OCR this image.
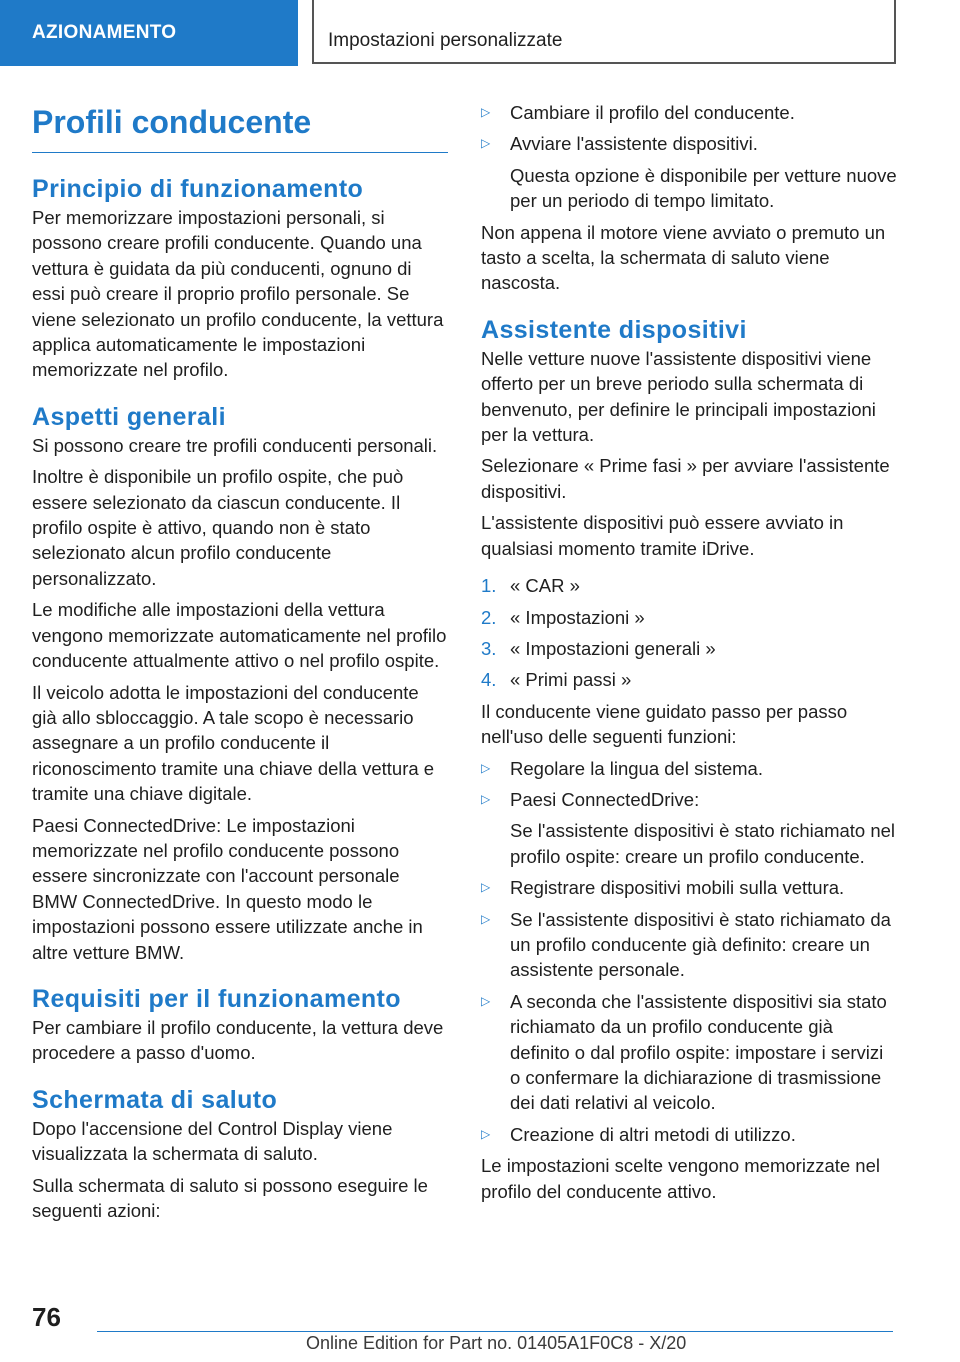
AZIONAMENTO	Impostazioni personalizzate
Profili conducente
Principio di funzionamento

Per memorizzare impostazioni personali, si possono creare profili conducente. Quando una vettura è guidata da più conducenti, ognuno di essi può creare il proprio profilo personale. Se viene selezionato un profilo conducente, la vettura applica automaticamente le impostazioni memorizzate nel profilo.

Aspetti generali

Si possono creare tre profili conducenti personali.

Inoltre è disponibile un profilo ospite, che può essere selezionato da ciascun conducente. Il profilo ospite è attivo, quando non è stato selezionato alcun profilo conducente personalizzato.

Le modifiche alle impostazioni della vettura vengono memorizzate automaticamente nel profilo conducente attualmente attivo o nel profilo ospite.

Il veicolo adotta le impostazioni del conducente già allo sbloccaggio. A tale scopo è necessario assegnare a un profilo conducente il riconoscimento tramite una chiave della vettura e tramite una chiave digitale.

Paesi ConnectedDrive: Le impostazioni memorizzate nel profilo conducente possono essere sincronizzate con l'account personale BMW ConnectedDrive. In questo modo le impostazioni possono essere utilizzate anche in altre vetture BMW.

Requisiti per il funzionamento

Per cambiare il profilo conducente, la vettura deve procedere a passo d'uomo.

Schermata di saluto

Dopo l'accensione del Control Display viene visualizzata la schermata di saluto.

Sulla schermata di saluto si possono eseguire le seguenti azioni:

▷ Cambiare il profilo del conducente.
▷ Avviare l'assistente dispositivi.
Questa opzione è disponibile per vetture nuove per un periodo di tempo limitato.

Non appena il motore viene avviato o premuto un tasto a scelta, la schermata di saluto viene nascosta.

Assistente dispositivi

Nelle vetture nuove l'assistente dispositivi viene offerto per un breve periodo sulla schermata di benvenuto, per definire le principali impostazioni per la vettura.

Selezionare « Prime fasi » per avviare l'assistente dispositivi.

L'assistente dispositivi può essere avviato in qualsiasi momento tramite iDrive.

1. « CAR »
2. « Impostazioni »
3. « Impostazioni generali »
4. « Primi passi »

Il conducente viene guidato passo per passo nell'uso delle seguenti funzioni:

▷ Regolare la lingua del sistema.
▷ Paesi ConnectedDrive:
Se l'assistente dispositivi è stato richiamato nel profilo ospite: creare un profilo conducente.
▷ Registrare dispositivi mobili sulla vettura.
▷ Se l'assistente dispositivi è stato richiamato da un profilo conducente già definito: creare un assistente personale.
▷ A seconda che l'assistente dispositivi sia stato richiamato da un profilo conducente già definito o dal profilo ospite: impostare i servizi o confermare la dichiarazione di trasmissione dei dati relativi al veicolo.
▷ Creazione di altri metodi di utilizzo.

Le impostazioni scelte vengono memorizzate nel profilo del conducente attivo.

76
Online Edition for Part no. 01405A1F0C8 - X/20
